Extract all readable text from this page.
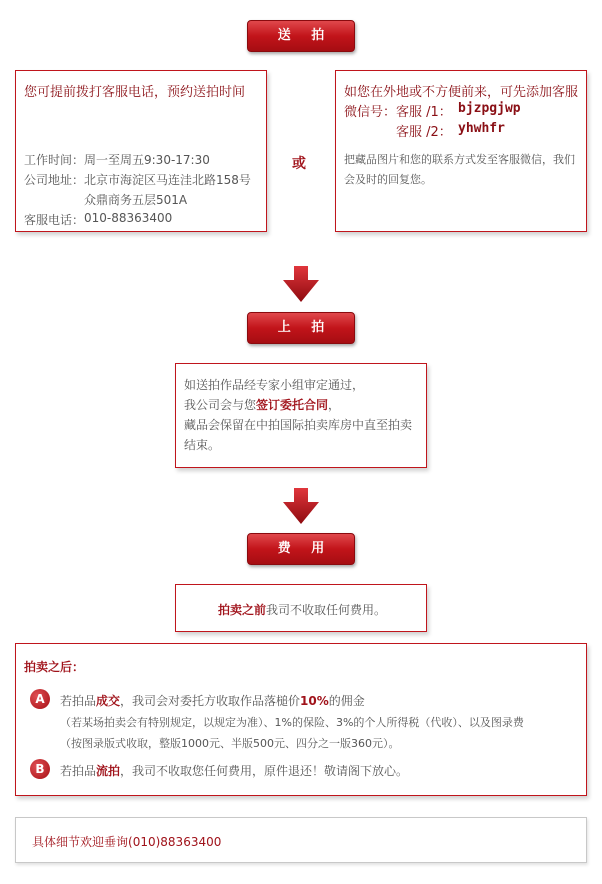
送 拍
您可提前拨打客服电话，预约送拍时间
工作时间： 周一至周五9:30-17:30
公司地址： 北京市海淀区马连洼北路158号
众鼎商务五层501A
客服电话： 010-88363400
或
如您在外地或不方便前来，可先添加客服
微信号： 客服 /1： bjzpgjwp
客服 /2： yhwhfr
把藏品图片和您的联系方式发至客服微信，我们
会及时的回复您。
上 拍
如送拍作品经专家小组审定通过，
我公司会与您签订委托合同，
藏品会保留在中拍国际拍卖库房中直至拍卖
结束。
费 用
拍卖之前我司不收取任何费用。
拍卖之后：
A	若拍品成交，我司会对委托方收取作品落槌价10%的佣金
（若某场拍卖会有特别规定，以规定为准）、1%的保险、3%的个人所得税（代收）、以及图录费
（按图录版式收取，整版1000元、半版500元、四分之一版360元）。
B	若拍品流拍，我司不收取您任何费用，原件退还！敬请阁下放心。
具体细节欢迎垂询(010)88363400
